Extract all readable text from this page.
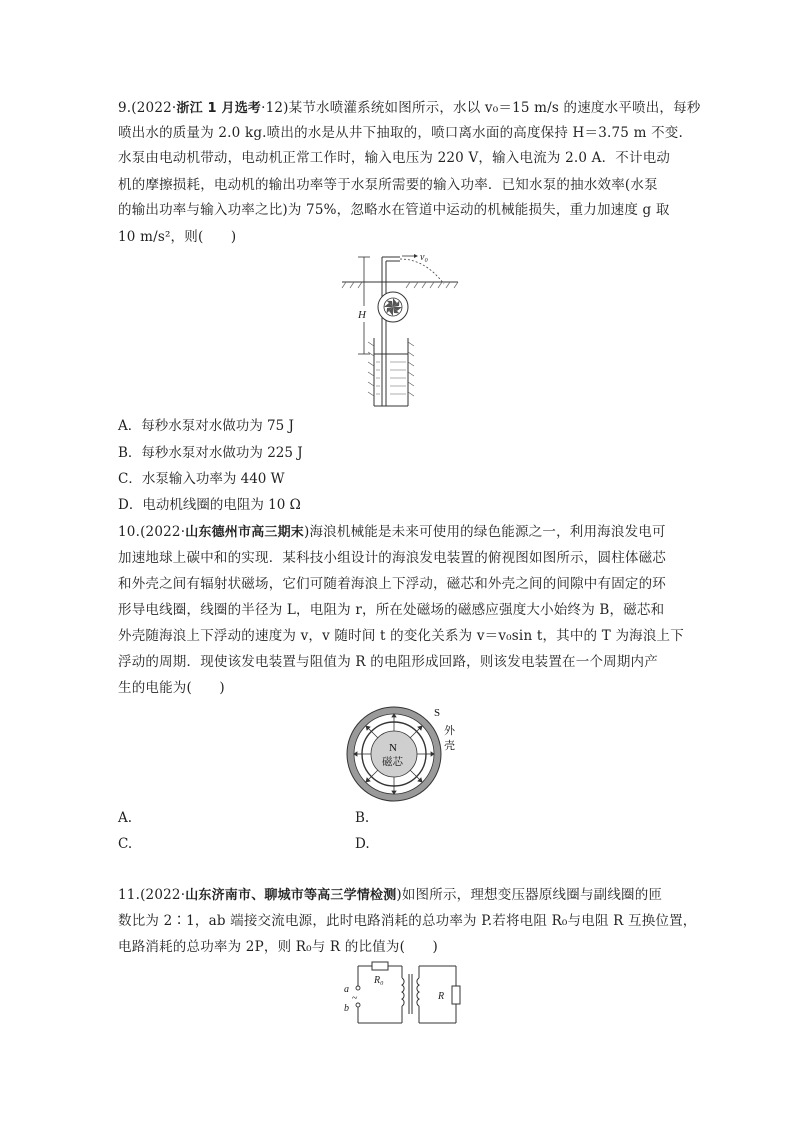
9.(2022·浙江 1 月选考·12)某节水喷灌系统如图所示，水以 v₀＝15 m/s 的速度水平喷出，每秒
喷出水的质量为 2.0 kg.喷出的水是从井下抽取的，喷口离水面的高度保持 H＝3.75 m 不变.
水泵由电动机带动，电动机正常工作时，输入电压为 220 V，输入电流为 2.0 A．不计电动
机的摩擦损耗，电动机的输出功率等于水泵所需要的输入功率．已知水泵的抽水效率(水泵
的输出功率与输入功率之比)为 75%，忽略水在管道中运动的机械能损失，重力加速度 g 取
10 m/s²，则(　　)
H
v₀
A．每秒水泵对水做功为 75 J
B．每秒水泵对水做功为 225 J
C．水泵输入功率为 440 W
D．电动机线圈的电阻为 10 Ω
10.(2022·山东德州市高三期末)海浪机械能是未来可使用的绿色能源之一，利用海浪发电可
加速地球上碳中和的实现．某科技小组设计的海浪发电装置的俯视图如图所示，圆柱体磁芯
和外壳之间有辐射状磁场，它们可随着海浪上下浮动，磁芯和外壳之间的间隙中有固定的环
形导电线圈，线圈的半径为 L，电阻为 r，所在处磁场的磁感应强度大小始终为 B，磁芯和
外壳随海浪上下浮动的速度为 v，v 随时间 t 的变化关系为 v＝v₀sin t，其中的 T 为海浪上下
浮动的周期．现使该发电装置与阻值为 R 的电阻形成回路，则该发电装置在一个周期内产
生的电能为(　　)
N
磁芯
S
外
壳
A.	B.
C.	D.
11.(2022·山东济南市、聊城市等高三学情检测)如图所示，理想变压器原线圈与副线圈的匝
数比为 2∶1，ab 端接交流电源，此时电路消耗的总功率为 P.若将电阻 R₀与电阻 R 互换位置，
电路消耗的总功率为 2P，则 R₀与 R 的比值为(　　)
R₀
a
~
b
R
